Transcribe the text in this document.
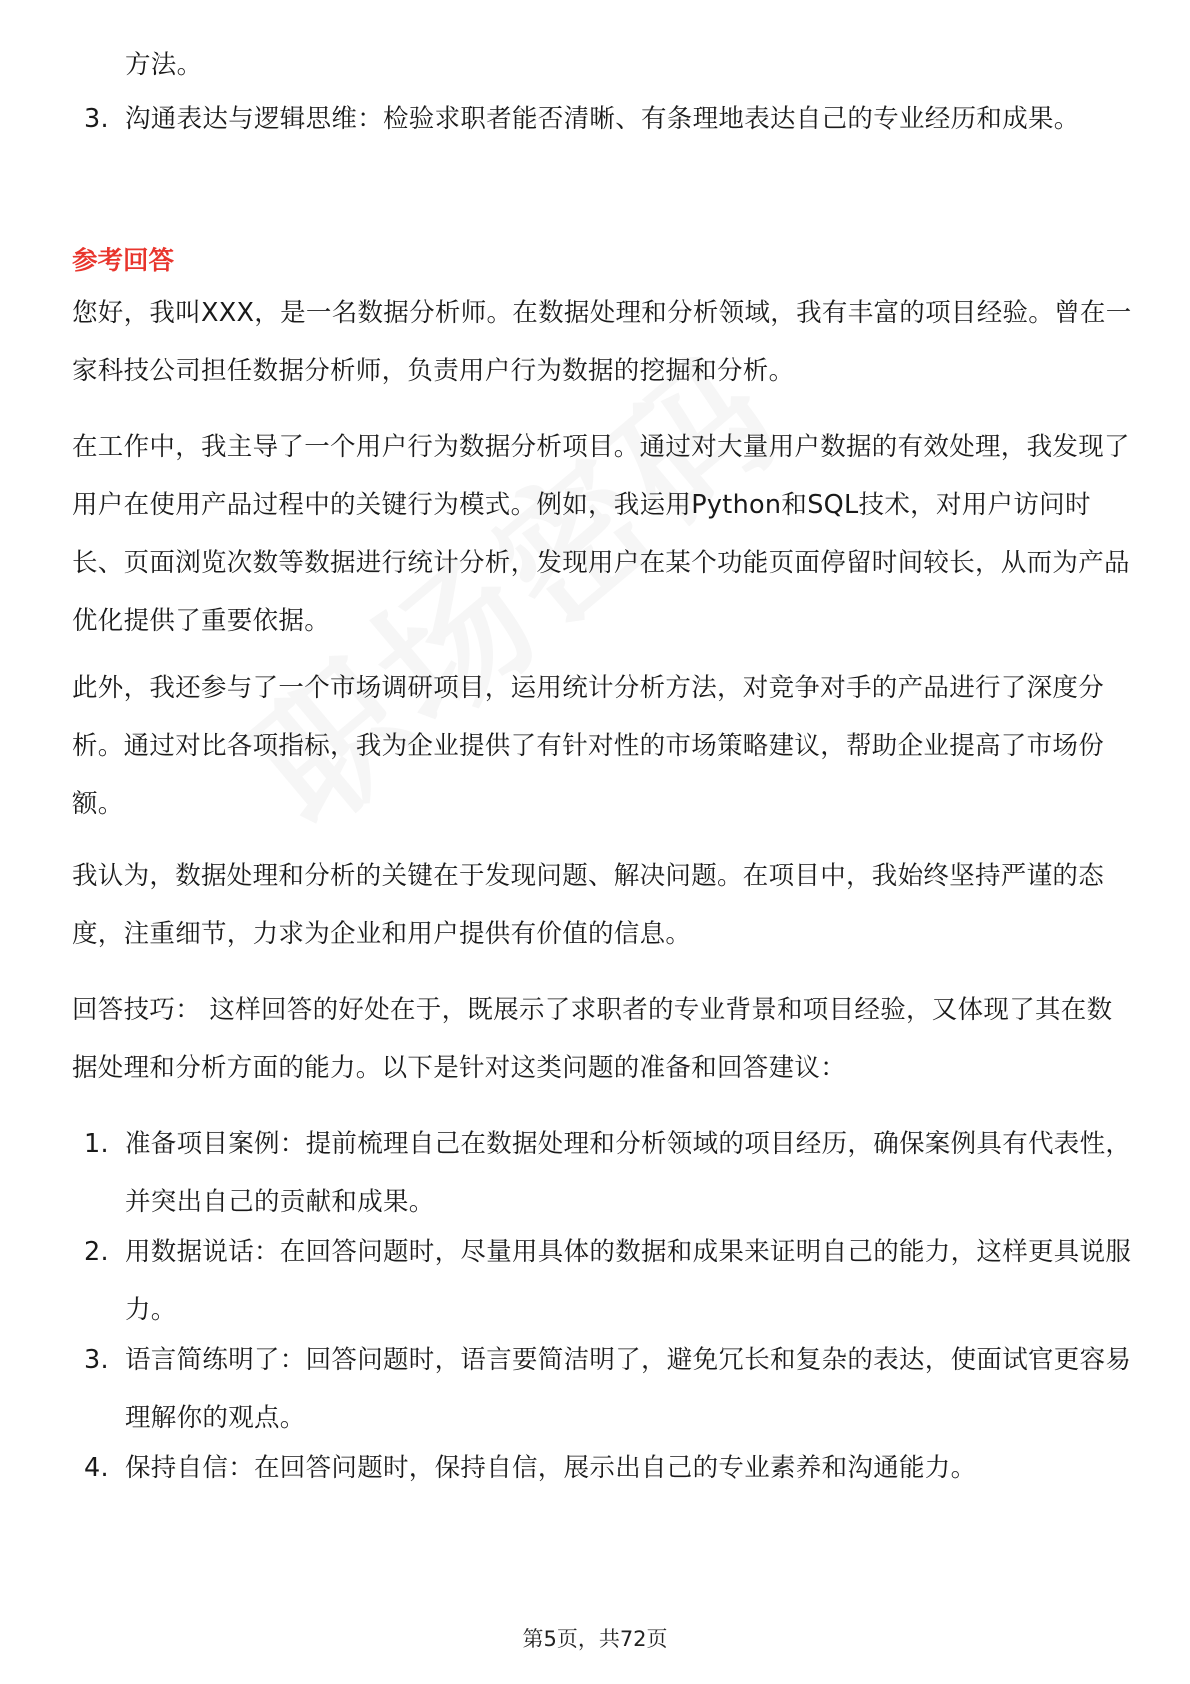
方法。
3. 沟通表达与逻辑思维：检验求职者能否清晰、有条理地表达自己的专业经历和成果。
参考回答
您好，我叫XXX，是一名数据分析师。在数据处理和分析领域，我有丰富的项目经验。曾在一家科技公司担任数据分析师，负责用户行为数据的挖掘和分析。
在工作中，我主导了一个用户行为数据分析项目。通过对大量用户数据的有效处理，我发现了用户在使用产品过程中的关键行为模式。例如，我运用Python和SQL技术，对用户访问时长、页面浏览次数等数据进行统计分析，发现用户在某个功能页面停留时间较长，从而为产品优化提供了重要依据。
此外，我还参与了一个市场调研项目，运用统计分析方法，对竞争对手的产品进行了深度分析。通过对比各项指标，我为企业提供了有针对性的市场策略建议，帮助企业提高了市场份额。
我认为，数据处理和分析的关键在于发现问题、解决问题。在项目中，我始终坚持严谨的态度，注重细节，力求为企业和用户提供有价值的信息。
回答技巧： 这样回答的好处在于，既展示了求职者的专业背景和项目经验，又体现了其在数据处理和分析方面的能力。以下是针对这类问题的准备和回答建议：
1. 准备项目案例：提前梳理自己在数据处理和分析领域的项目经历，确保案例具有代表性，并突出自己的贡献和成果。
2. 用数据说话：在回答问题时，尽量用具体的数据和成果来证明自己的能力，这样更具说服力。
3. 语言简练明了：回答问题时，语言要简洁明了，避免冗长和复杂的表达，使面试官更容易理解你的观点。
4. 保持自信：在回答问题时，保持自信，展示出自己的专业素养和沟通能力。
第5页，共72页
